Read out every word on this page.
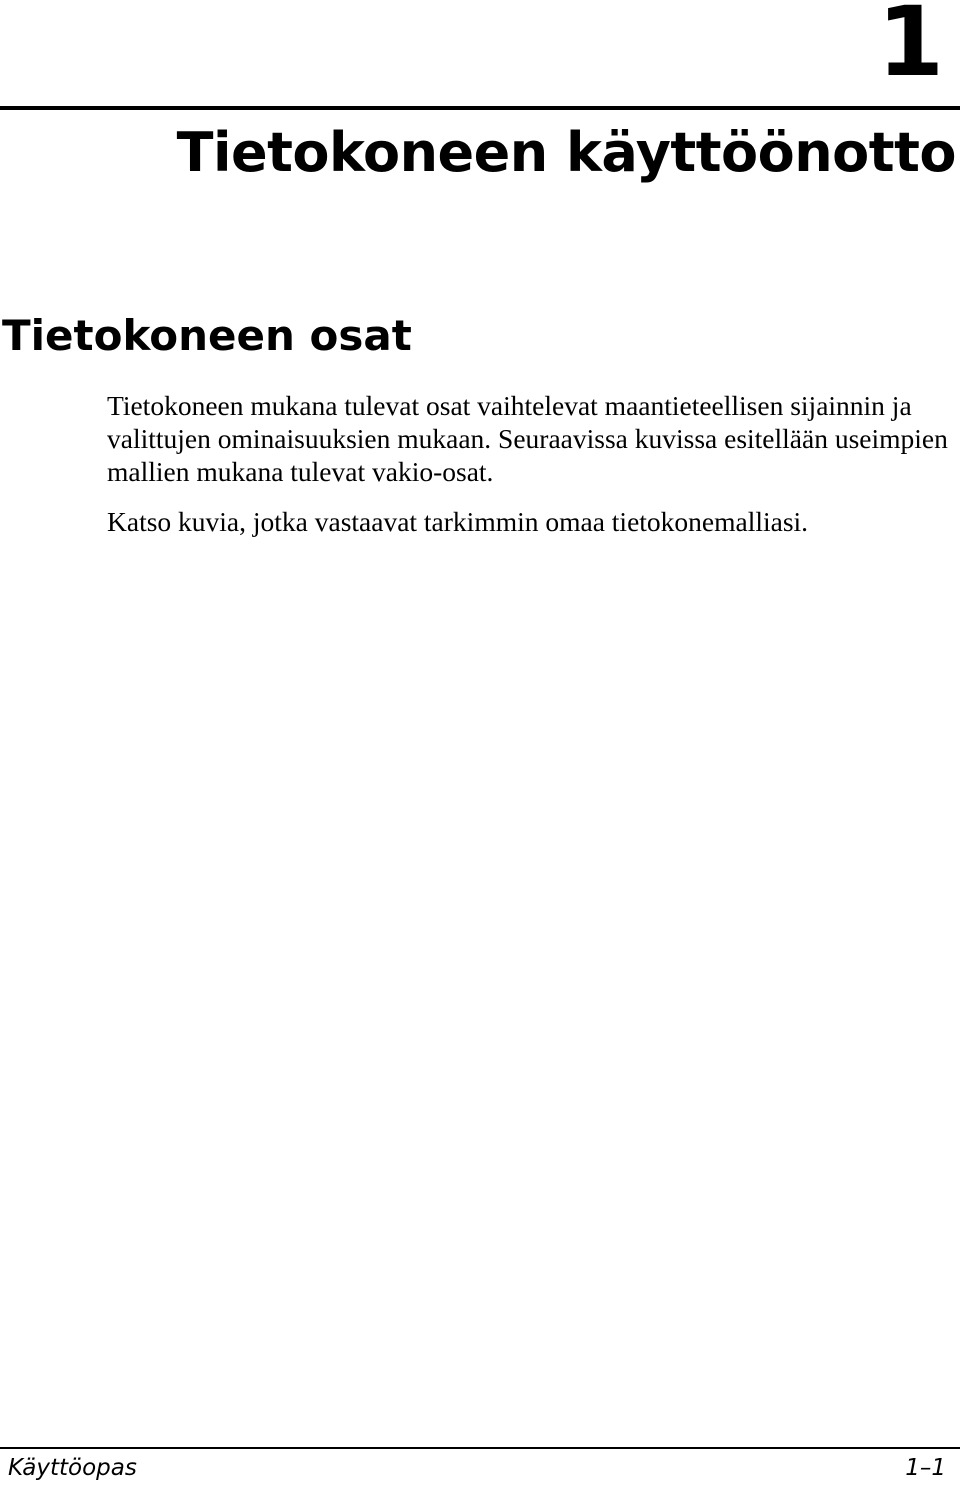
1
Tietokoneen käyttöönotto
Tietokoneen osat

Tietokoneen mukana tulevat osat vaihtelevat maantieteellisen sijainnin ja valittujen ominaisuuksien mukaan. Seuraavissa kuvissa esitellään useimpien mallien mukana tulevat vakio-osat.

Katso kuvia, jotka vastaavat tarkimmin omaa tietokonemalliasi.

Käyttöopas	1–1
